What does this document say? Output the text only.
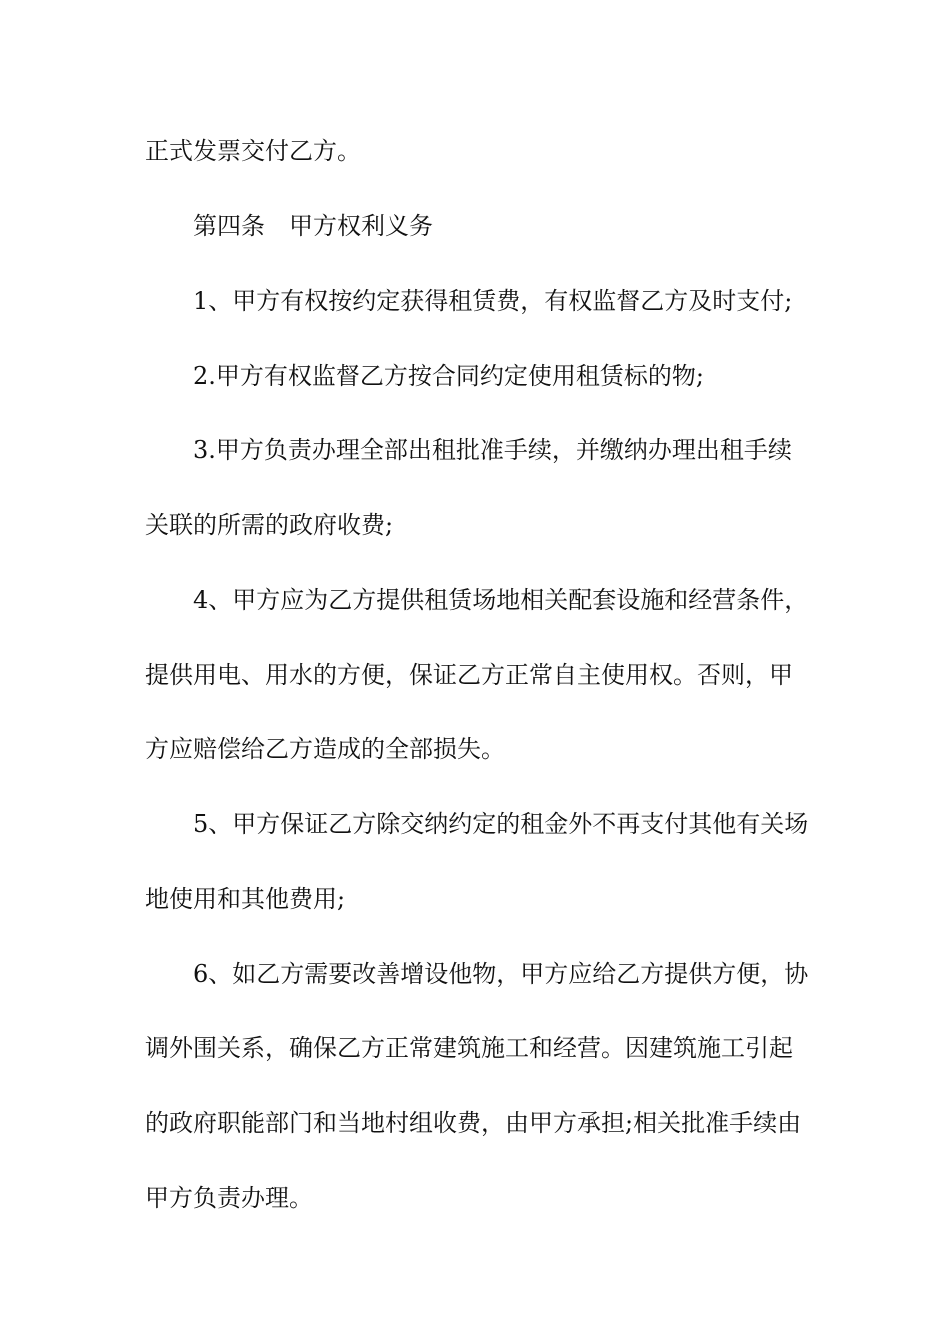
正式发票交付乙方。
第四条　甲方权利义务
1、甲方有权按约定获得租赁费，有权监督乙方及时支付;
2.甲方有权监督乙方按合同约定使用租赁标的物;
3.甲方负责办理全部出租批准手续，并缴纳办理出租手续
关联的所需的政府收费;
4、甲方应为乙方提供租赁场地相关配套设施和经营条件，
提供用电、用水的方便，保证乙方正常自主使用权。否则，甲
方应赔偿给乙方造成的全部损失。
5、甲方保证乙方除交纳约定的租金外不再支付其他有关场
地使用和其他费用;
6、如乙方需要改善增设他物，甲方应给乙方提供方便，协
调外围关系，确保乙方正常建筑施工和经营。因建筑施工引起
的政府职能部门和当地村组收费，由甲方承担;相关批准手续由
甲方负责办理。
